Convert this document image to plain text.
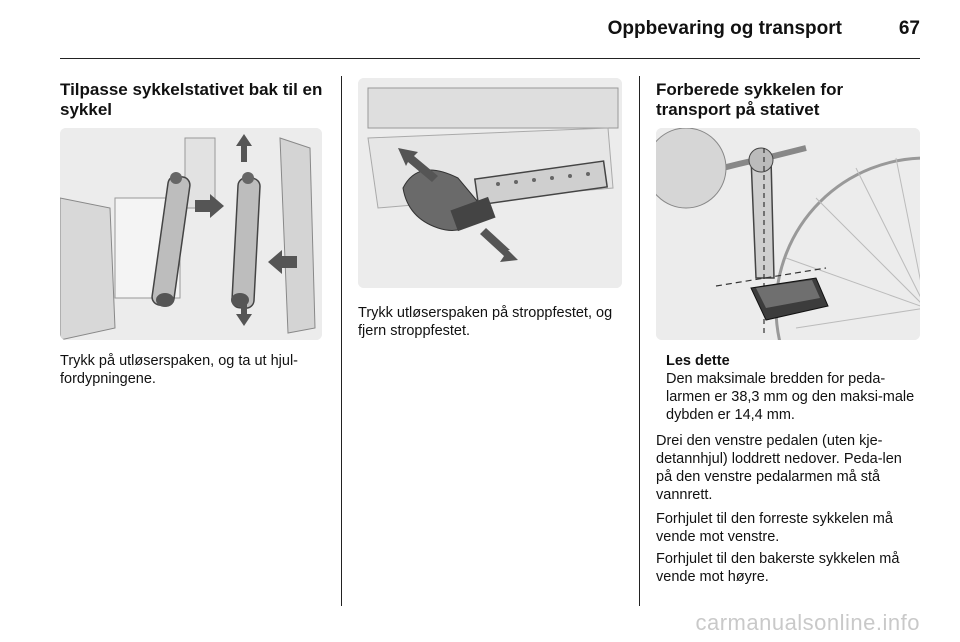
Oppbevaring og transport	67
Tilpasse sykkelstativet bak til en sykkel

Trykk på utløserspaken, og ta ut hjul-fordypningene.

Trykk utløserspaken på stroppfestet, og fjern stroppfestet.

Forberede sykkelen for transport på stativet

Les dette
Den maksimale bredden for peda-larmen er 38,3 mm og den maksi-male dybden er 14,4 mm.

Drei den venstre pedalen (uten kje-detannhjul) loddrett nedover. Peda-len på den venstre pedalarmen må stå vannrett.

Forhjulet til den forreste sykkelen må vende mot venstre.

Forhjulet til den bakerste sykkelen må vende mot høyre.

carmanualsonline.info
